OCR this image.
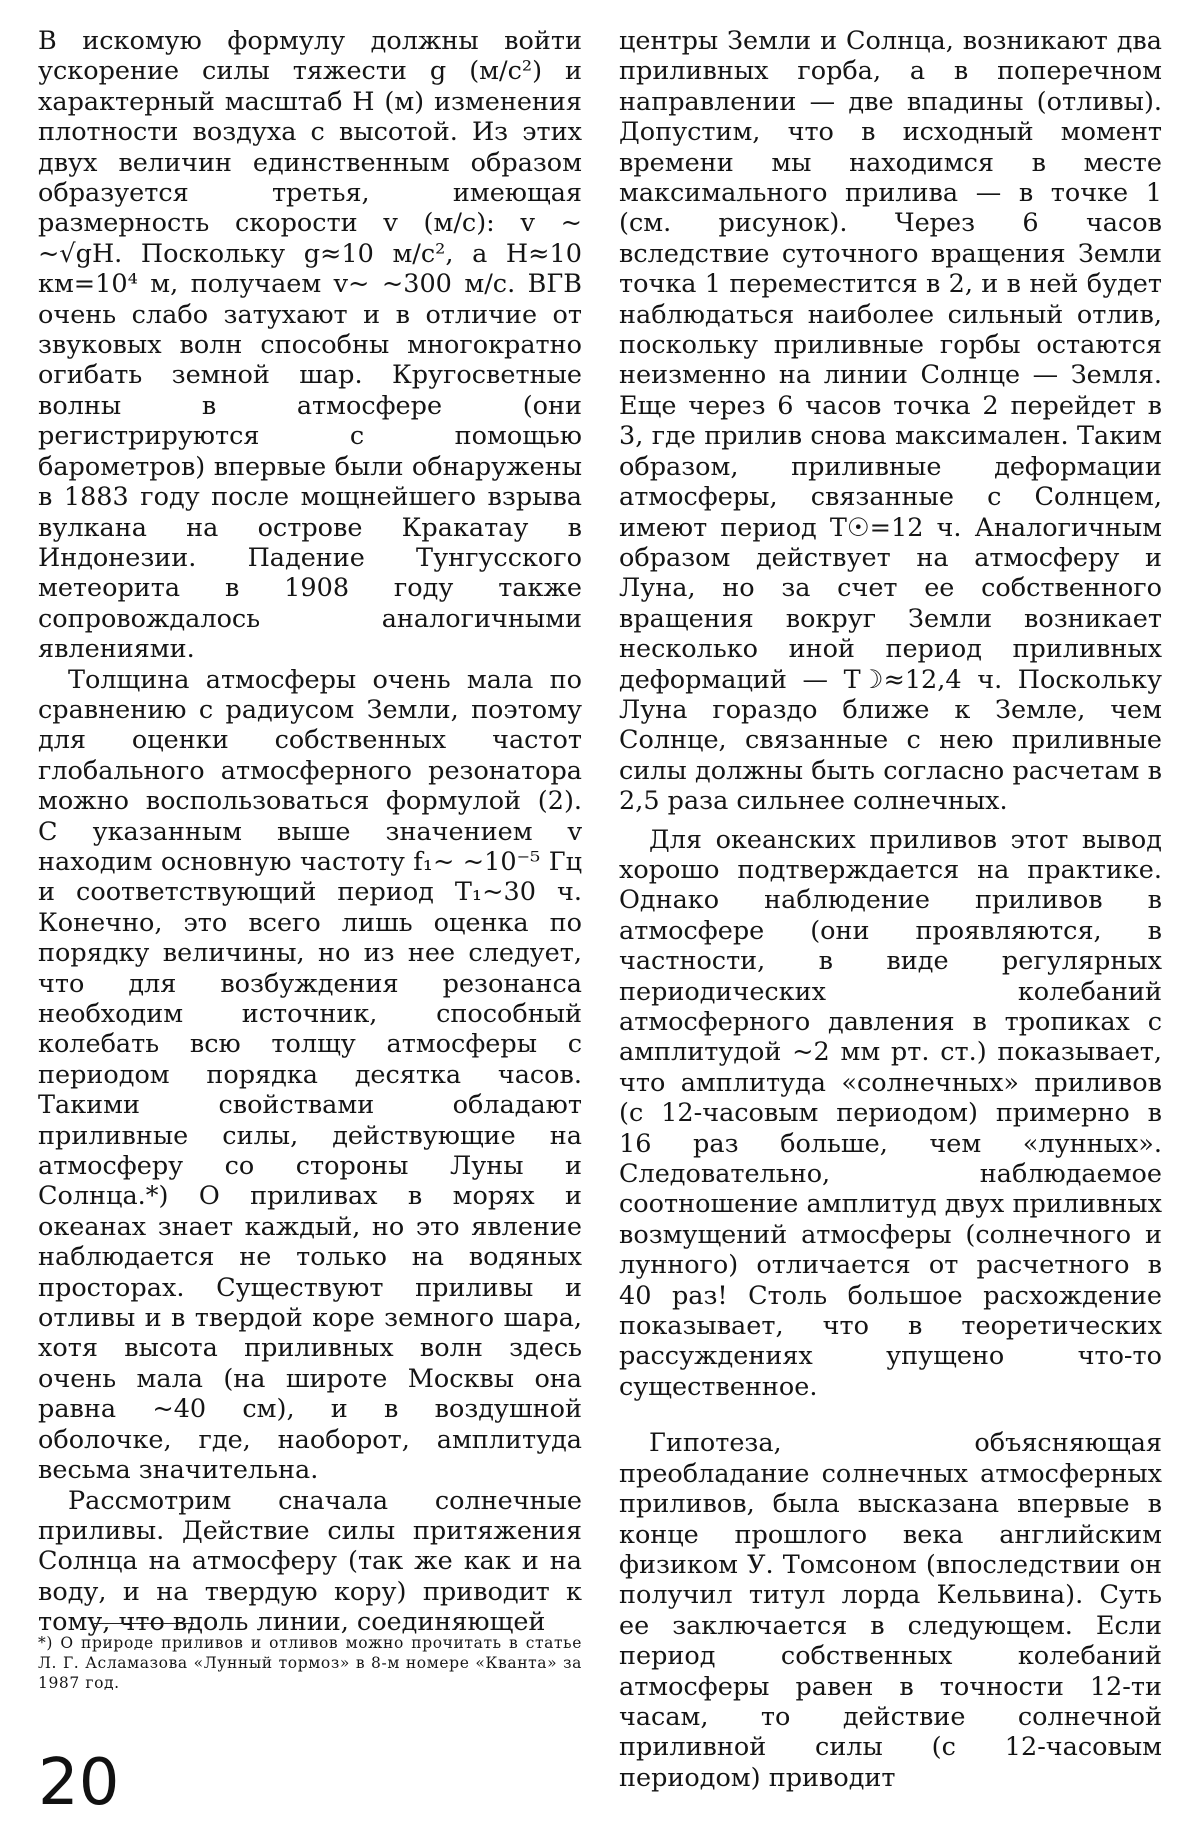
В искомую формулу должны войти ускорение силы тяжести g (м/с²) и характерный масштаб H (м) изменения плотности воздуха с высотой. Из этих двух величин единственным образом образуется третья, имеющая размерность скорости v (м/с): v ~ ~√gH. Поскольку g≈10 м/с², а H≈10 км=10⁴ м, получаем v~ ~300 м/с. ВГВ очень слабо затухают и в отличие от звуковых волн способны многократно огибать земной шар. Кругосветные волны в атмосфере (они регистрируются с помощью барометров) впервые были обнаружены в 1883 году после мощнейшего взрыва вулкана на острове Кракатау в Индонезии. Падение Тунгусского метеорита в 1908 году также сопровождалось аналогичными явлениями.

Толщина атмосферы очень мала по сравнению с радиусом Земли, поэтому для оценки собственных частот глобального атмосферного резонатора можно воспользоваться формулой (2). С указанным выше значением v находим основную частоту f₁~ ~10⁻⁵ Гц и соответствующий период T₁~30 ч. Конечно, это всего лишь оценка по порядку величины, но из нее следует, что для возбуждения резонанса необходим источник, способный колебать всю толщу атмосферы с периодом порядка десятка часов. Такими свойствами обладают приливные силы, действующие на атмосферу со стороны Луны и Солнца.*) О приливах в морях и океанах знает каждый, но это явление наблюдается не только на водяных просторах. Существуют приливы и отливы и в твердой коре земного шара, хотя высота приливных волн здесь очень мала (на широте Москвы она равна ~40 см), и в воздушной оболочке, где, наоборот, амплитуда весьма значительна.

Рассмотрим сначала солнечные приливы. Действие силы притяжения Солнца на атмосферу (так же как и на воду, и на твердую кору) приводит к тому, что вдоль линии, соединяющей

центры Земли и Солнца, возникают два приливных горба, а в поперечном направлении — две впадины (отливы). Допустим, что в исходный момент времени мы находимся в месте максимального прилива — в точке 1 (см. рисунок). Через 6 часов вследствие суточного вращения Земли точка 1 переместится в 2, и в ней будет наблюдаться наиболее сильный отлив, поскольку приливные горбы остаются неизменно на линии Солнце — Земля. Еще через 6 часов точка 2 перейдет в 3, где прилив снова максимален. Таким образом, приливные деформации атмосферы, связанные с Солнцем, имеют период T☉=12 ч. Аналогичным образом действует на атмосферу и Луна, но за счет ее собственного вращения вокруг Земли возникает несколько иной период приливных деформаций — T☽≈12,4 ч. Поскольку Луна гораздо ближе к Земле, чем Солнце, связанные с нею приливные силы должны быть согласно расчетам в 2,5 раза сильнее солнечных.

Для океанских приливов этот вывод хорошо подтверждается на практике. Однако наблюдение приливов в атмосфере (они проявляются, в частности, в виде регулярных периодических колебаний атмосферного давления в тропиках с амплитудой ~2 мм рт. ст.) показывает, что амплитуда «солнечных» приливов (с 12-часовым периодом) примерно в 16 раз больше, чем «лунных». Следовательно, наблюдаемое соотношение амплитуд двух приливных возмущений атмосферы (солнечного и лунного) отличается от расчетного в 40 раз! Столь большое расхождение показывает, что в теоретических рассуждениях упущено что-то существенное.

Гипотеза, объясняющая преобладание солнечных атмосферных приливов, была высказана впервые в конце прошлого века английским физиком У. Томсоном (впоследствии он получил титул лорда Кельвина). Суть ее заключается в следующем. Если период собственных колебаний атмосферы равен в точности 12-ти часам, то действие солнечной приливной силы (с 12-часовым периодом) приводит

*) О природе приливов и отливов можно прочитать в статье Л. Г. Асламазова «Лунный тормоз» в 8-м номере «Кванта» за 1987 год.
20
